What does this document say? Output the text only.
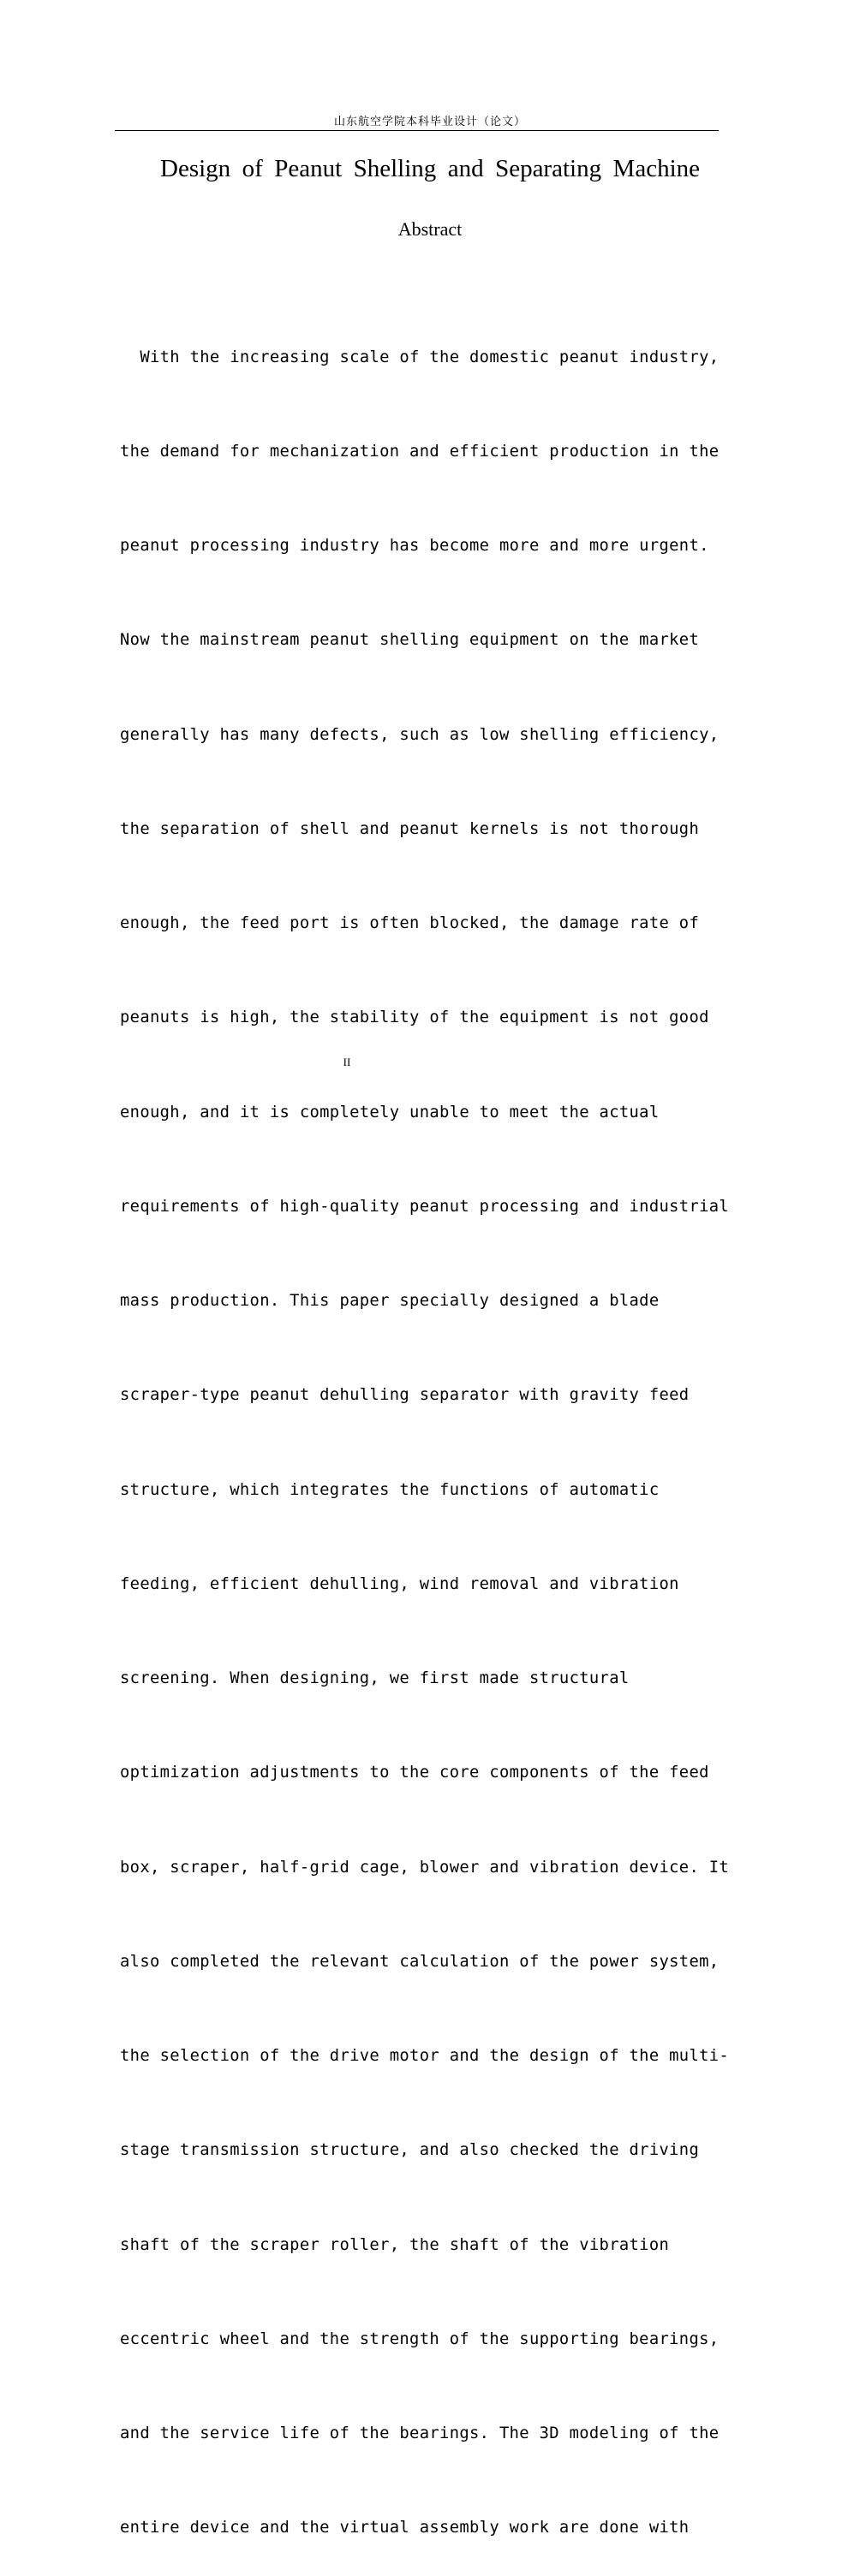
山东航空学院本科毕业设计（论文）
Design of Peanut Shelling and Separating Machine
Abstract

With the increasing scale of the domestic peanut industry,

the demand for mechanization and efficient production in the

peanut processing industry has become more and more urgent.

Now the mainstream peanut shelling equipment on the market

generally has many defects, such as low shelling efficiency,

the separation of shell and peanut kernels is not thorough

enough, the feed port is often blocked, the damage rate of

peanuts is high, the stability of the equipment is not good

enough, and it is completely unable to meet the actual

requirements of high-quality peanut processing and industrial

mass production. This paper specially designed a blade

scraper-type peanut dehulling separator with gravity feed

structure, which integrates the functions of automatic

feeding, efficient dehulling, wind removal and vibration

screening. When designing, we first made structural

optimization adjustments to the core components of the feed

box, scraper, half-grid cage, blower and vibration device. It

also completed the relevant calculation of the power system,

the selection of the drive motor and the design of the multi-

stage transmission structure, and also checked the driving

shaft of the scraper roller, the shaft of the vibration

eccentric wheel and the strength of the supporting bearings,

and the service life of the bearings. The 3D modeling of the

entire device and the virtual assembly work are done with

II
